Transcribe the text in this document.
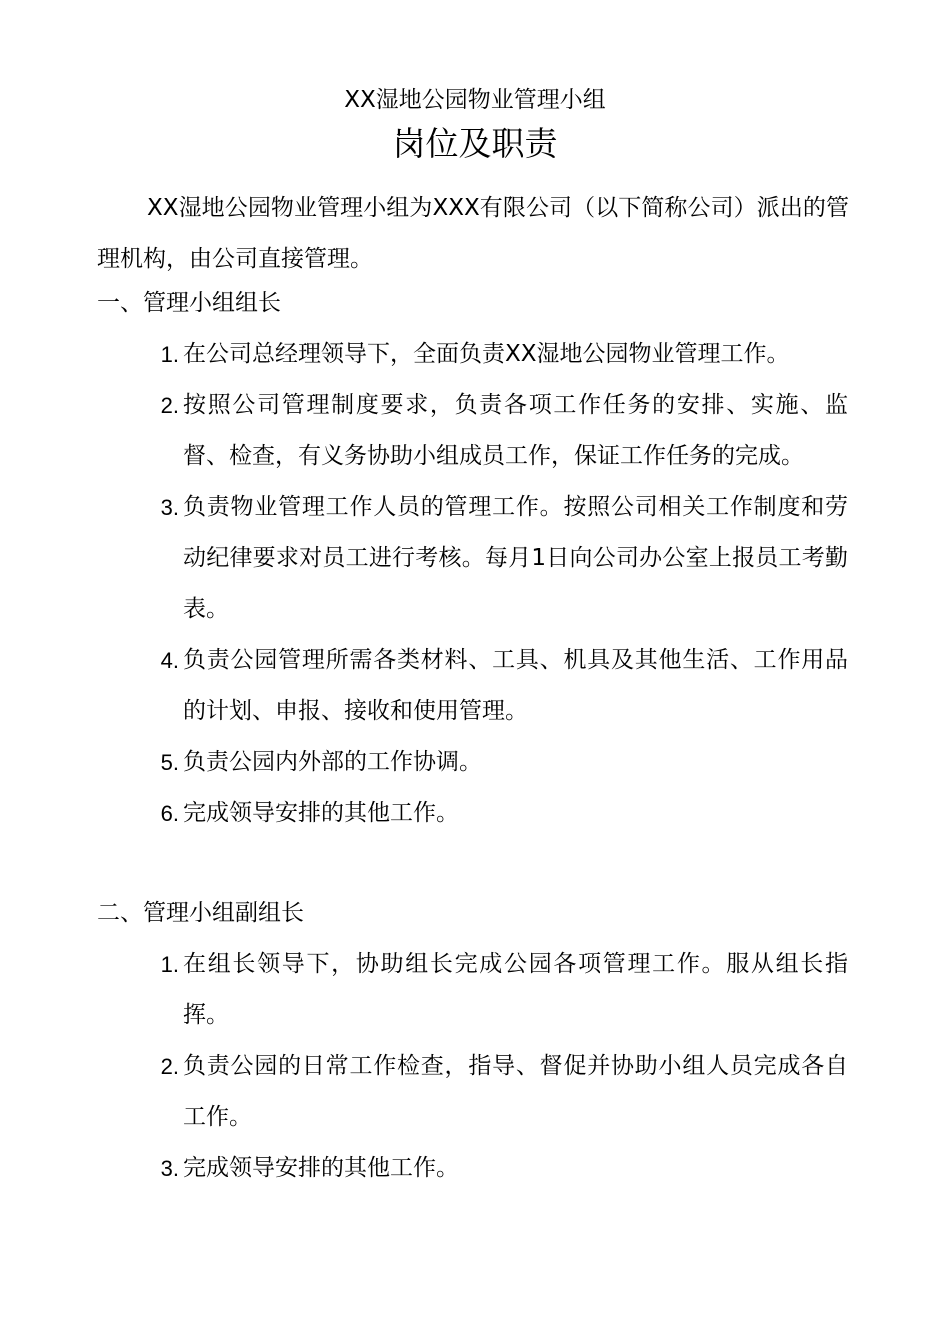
XX湿地公园物业管理小组
岗位及职责

XX湿地公园物业管理小组为XXX有限公司（以下简称公司）派出的管理机构，由公司直接管理。

一、管理小组组长

1. 在公司总经理领导下，全面负责XX湿地公园物业管理工作。
2. 按照公司管理制度要求，负责各项工作任务的安排、实施、监督、检查，有义务协助小组成员工作，保证工作任务的完成。
3. 负责物业管理工作人员的管理工作。按照公司相关工作制度和劳动纪律要求对员工进行考核。每月1日向公司办公室上报员工考勤表。
4. 负责公园管理所需各类材料、工具、机具及其他生活、工作用品的计划、申报、接收和使用管理。
5. 负责公园内外部的工作协调。
6. 完成领导安排的其他工作。

二、管理小组副组长

1. 在组长领导下，协助组长完成公园各项管理工作。服从组长指挥。
2. 负责公园的日常工作检查，指导、督促并协助小组人员完成各自工作。
3. 完成领导安排的其他工作。
